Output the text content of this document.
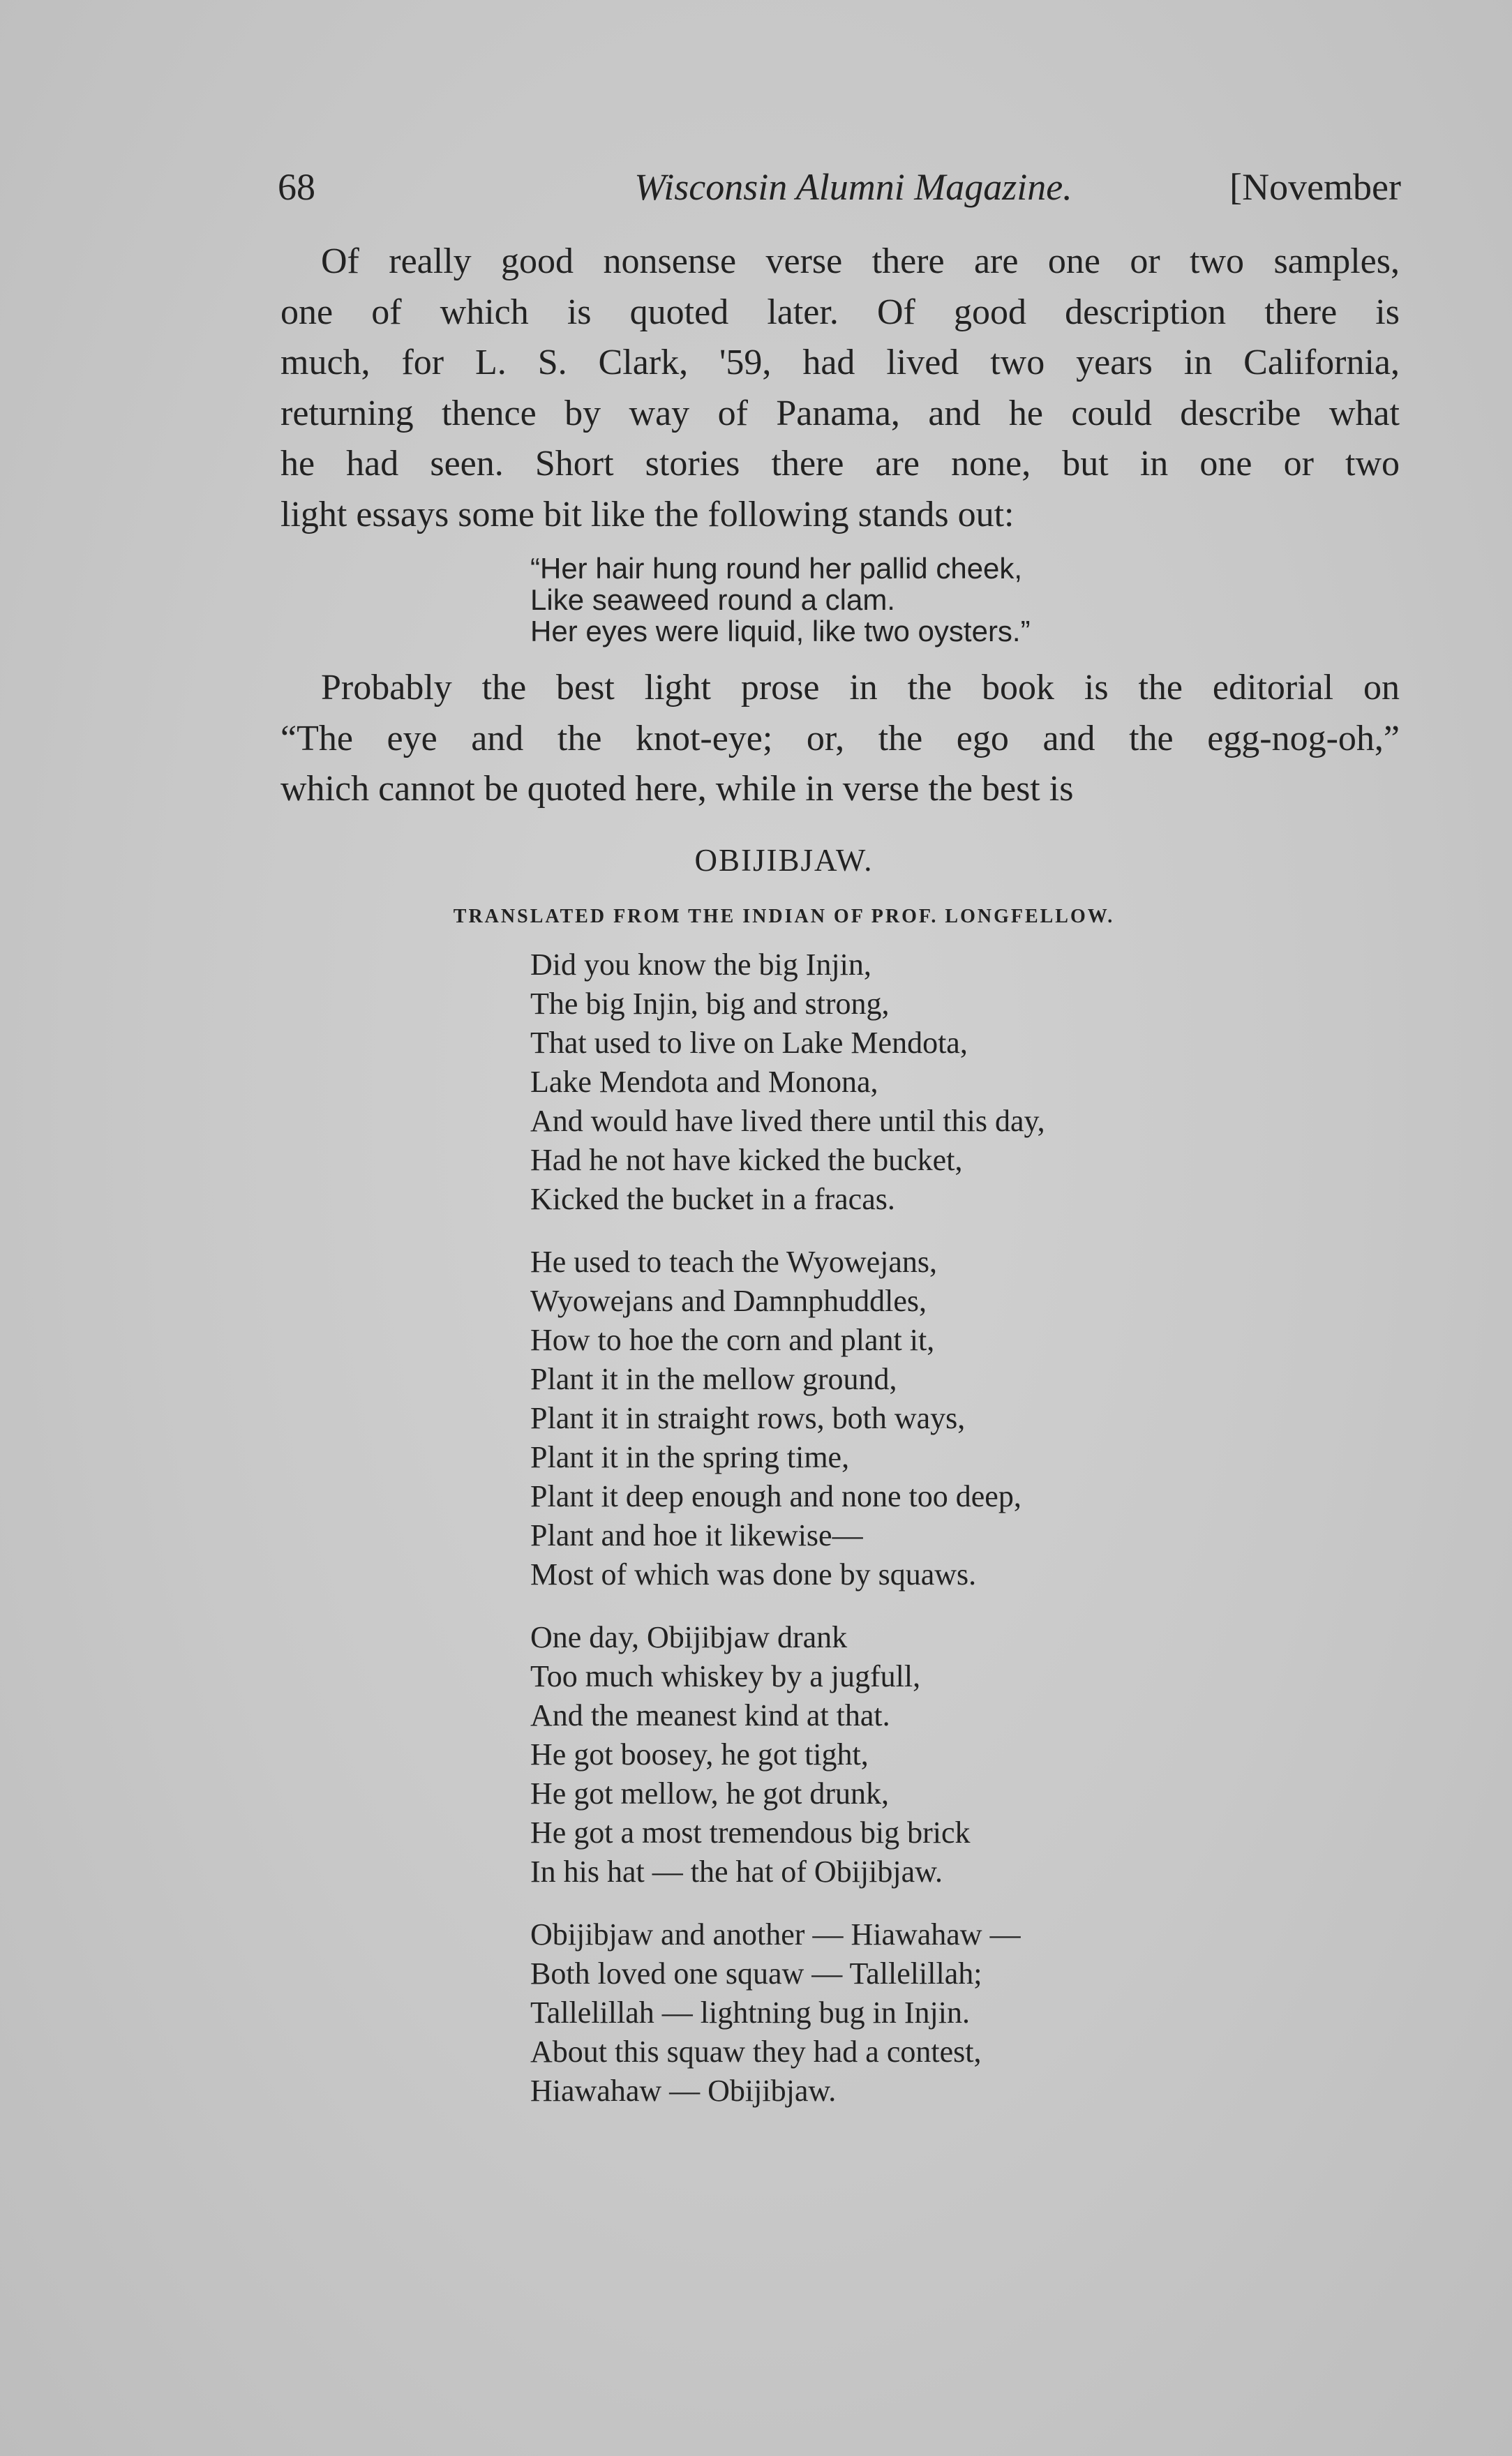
68	Wisconsin Alumni Magazine.	[November
Of really good nonsense verse there are one or two samples,
one of which is quoted later. Of good description there is
much, for L. S. Clark, '59, had lived two years in California,
returning thence by way of Panama, and he could describe what
he had seen. Short stories there are none, but in one or two
light essays some bit like the following stands out:
“Her hair hung round her pallid cheek,
Like seaweed round a clam.
Her eyes were liquid, like two oysters.”
Probably the best light prose in the book is the editorial on
“The eye and the knot-eye; or, the ego and the egg-nog-oh,”
which cannot be quoted here, while in verse the best is
OBIJIBJAW.
TRANSLATED FROM THE INDIAN OF PROF. LONGFELLOW.
Did you know the big Injin,
The big Injin, big and strong,
That used to live on Lake Mendota,
Lake Mendota and Monona,
And would have lived there until this day,
Had he not have kicked the bucket,
Kicked the bucket in a fracas.
He used to teach the Wyowejans,
Wyowejans and Damnphuddles,
How to hoe the corn and plant it,
Plant it in the mellow ground,
Plant it in straight rows, both ways,
Plant it in the spring time,
Plant it deep enough and none too deep,
Plant and hoe it likewise—
Most of which was done by squaws.
One day, Obijibjaw drank
Too much whiskey by a jugfull,
And the meanest kind at that.
He got boosey, he got tight,
He got mellow, he got drunk,
He got a most tremendous big brick
In his hat — the hat of Obijibjaw.
Obijibjaw and another — Hiawahaw —
Both loved one squaw — Tallelillah;
Tallelillah — lightning bug in Injin.
About this squaw they had a contest,
Hiawahaw — Obijibjaw.
